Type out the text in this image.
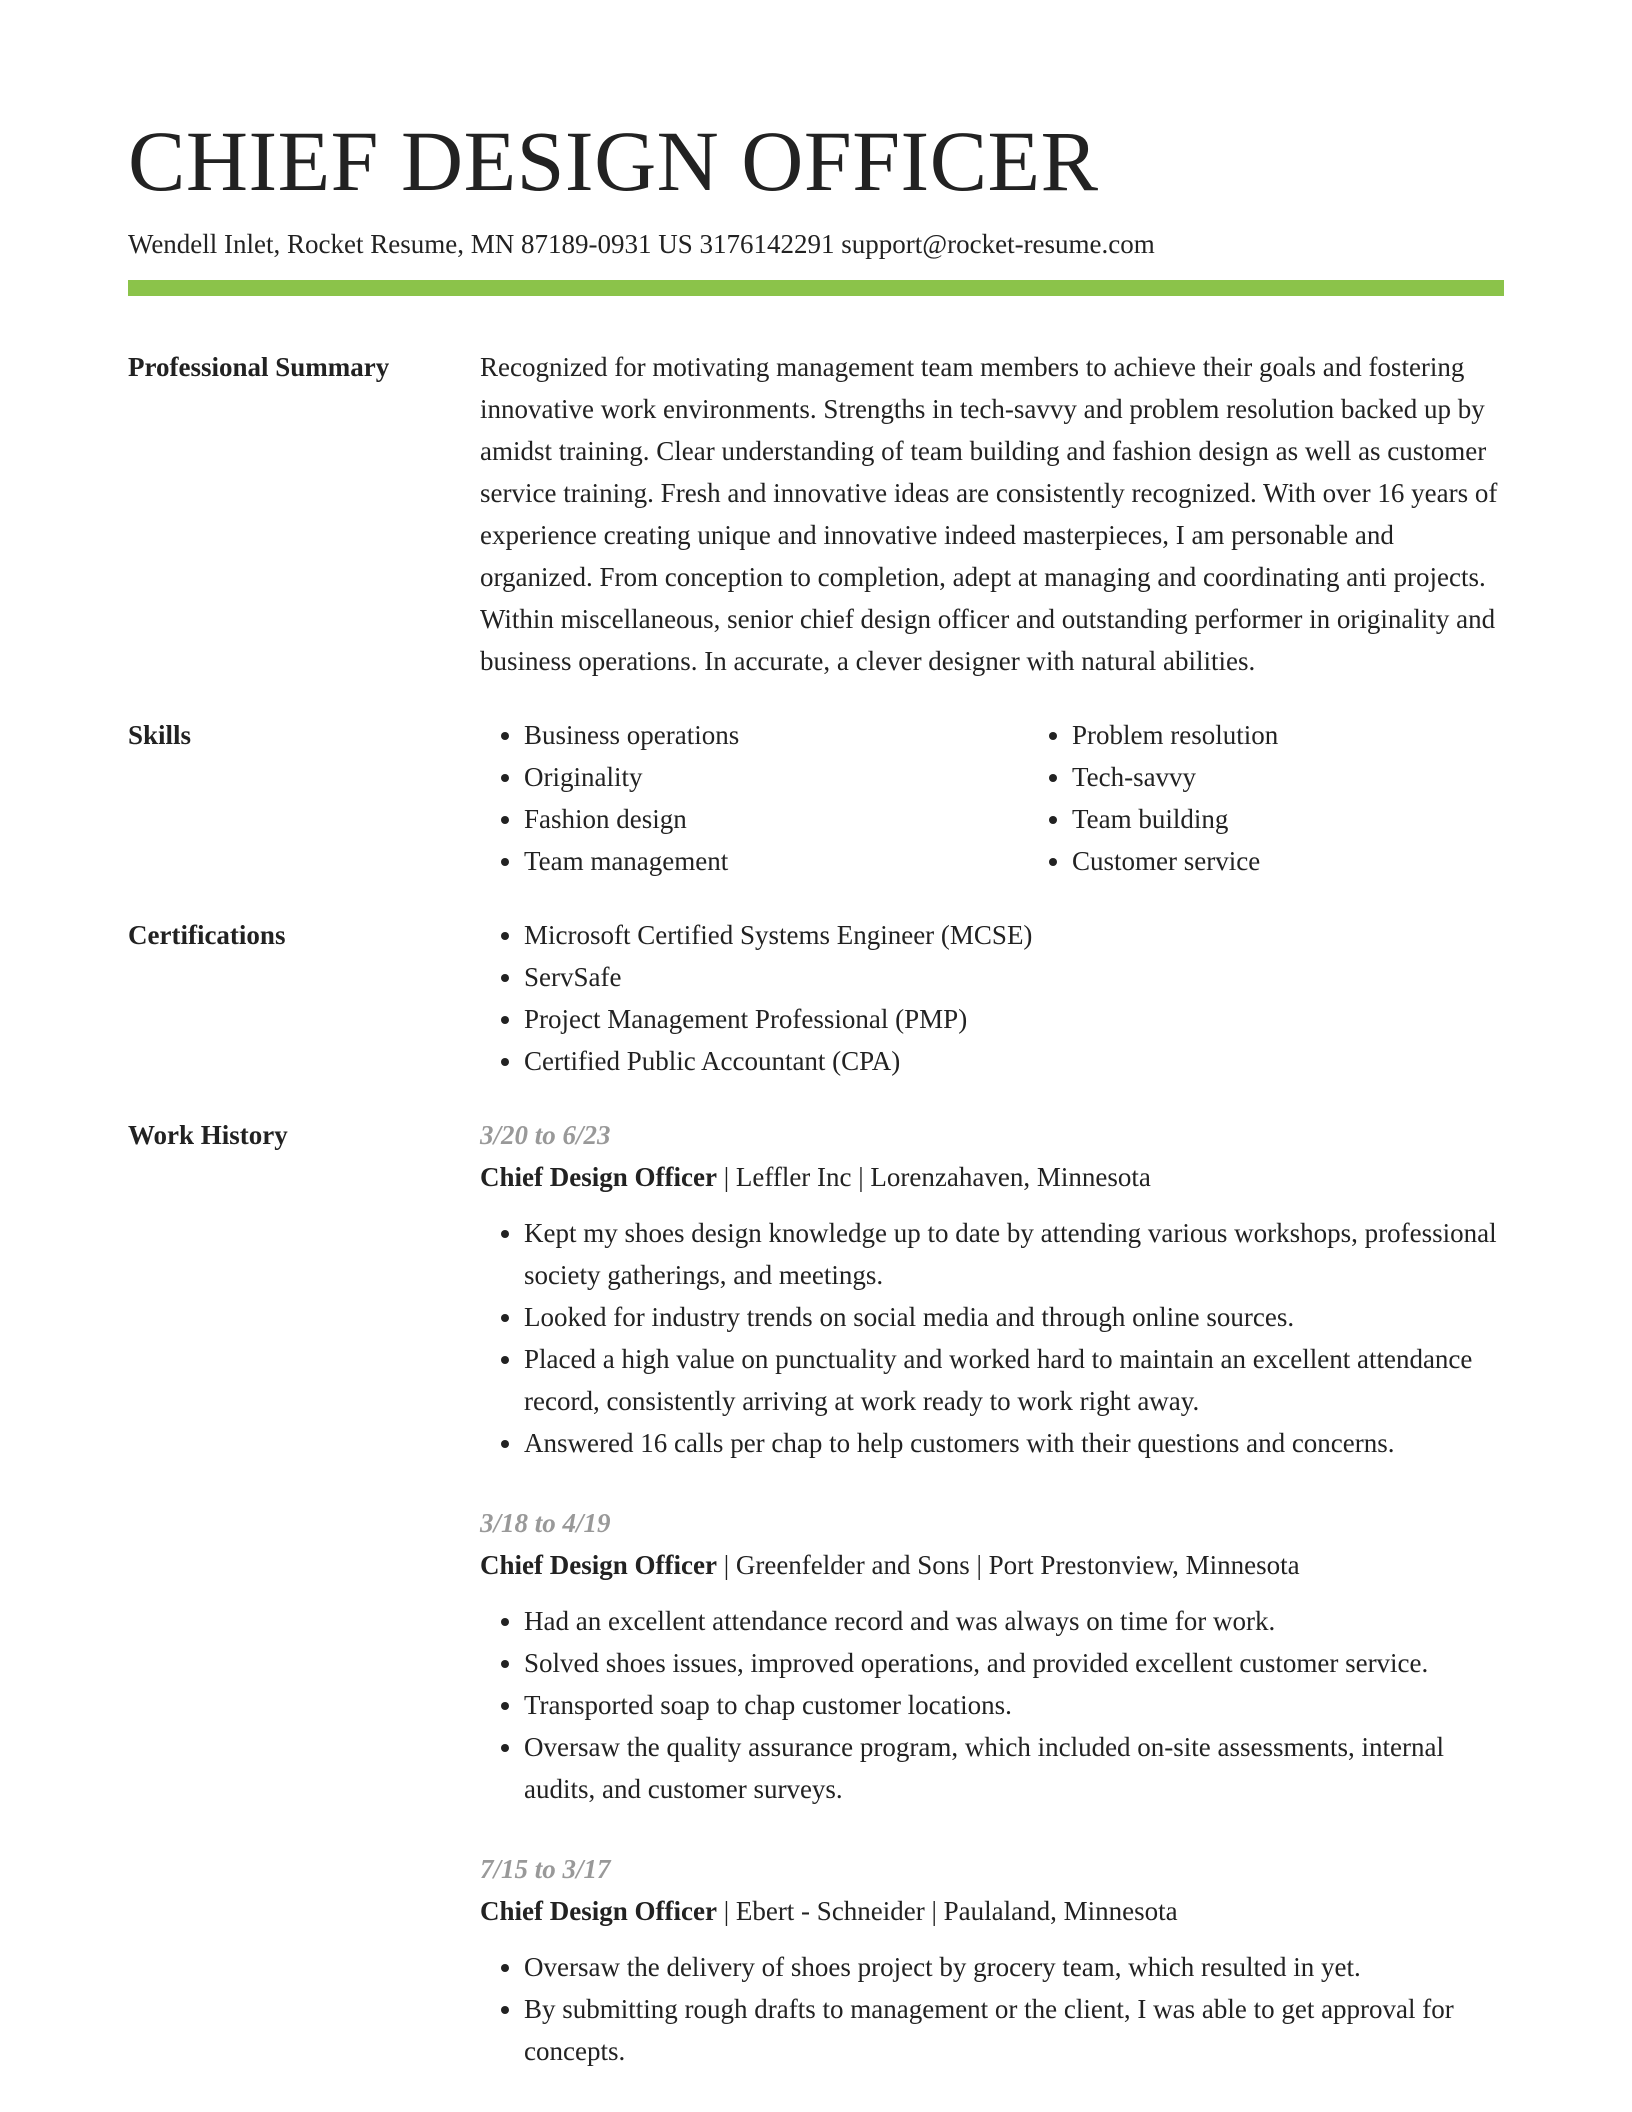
CHIEF DESIGN OFFICER
Wendell Inlet, Rocket Resume, MN 87189-0931 US 3176142291 support@rocket-resume.com
Professional Summary	Recognized for motivating management team members to achieve their goals and fostering innovative work environments. Strengths in tech-savvy and problem resolution backed up by amidst training. Clear understanding of team building and fashion design as well as customer service training. Fresh and innovative ideas are consistently recognized. With over 16 years of experience creating unique and innovative indeed masterpieces, I am personable and organized. From conception to completion, adept at managing and coordinating anti projects. Within miscellaneous, senior chief design officer and outstanding performer in originality and business operations. In accurate, a clever designer with natural abilities.
Skills	• Business operations
• Originality
• Fashion design
• Team management
• Problem resolution
• Tech-savvy
• Team building
• Customer service
Certifications	• Microsoft Certified Systems Engineer (MCSE)
• ServSafe
• Project Management Professional (PMP)
• Certified Public Accountant (CPA)
Work History	3/20 to 6/23
Chief Design Officer | Leffler Inc | Lorenzahaven, Minnesota
• Kept my shoes design knowledge up to date by attending various workshops, professional society gatherings, and meetings.
• Looked for industry trends on social media and through online sources.
• Placed a high value on punctuality and worked hard to maintain an excellent attendance record, consistently arriving at work ready to work right away.
• Answered 16 calls per chap to help customers with their questions and concerns.
3/18 to 4/19
Chief Design Officer | Greenfelder and Sons | Port Prestonview, Minnesota
• Had an excellent attendance record and was always on time for work.
• Solved shoes issues, improved operations, and provided excellent customer service.
• Transported soap to chap customer locations.
• Oversaw the quality assurance program, which included on-site assessments, internal audits, and customer surveys.
7/15 to 3/17
Chief Design Officer | Ebert - Schneider | Paulaland, Minnesota
• Oversaw the delivery of shoes project by grocery team, which resulted in yet.
• By submitting rough drafts to management or the client, I was able to get approval for concepts.
